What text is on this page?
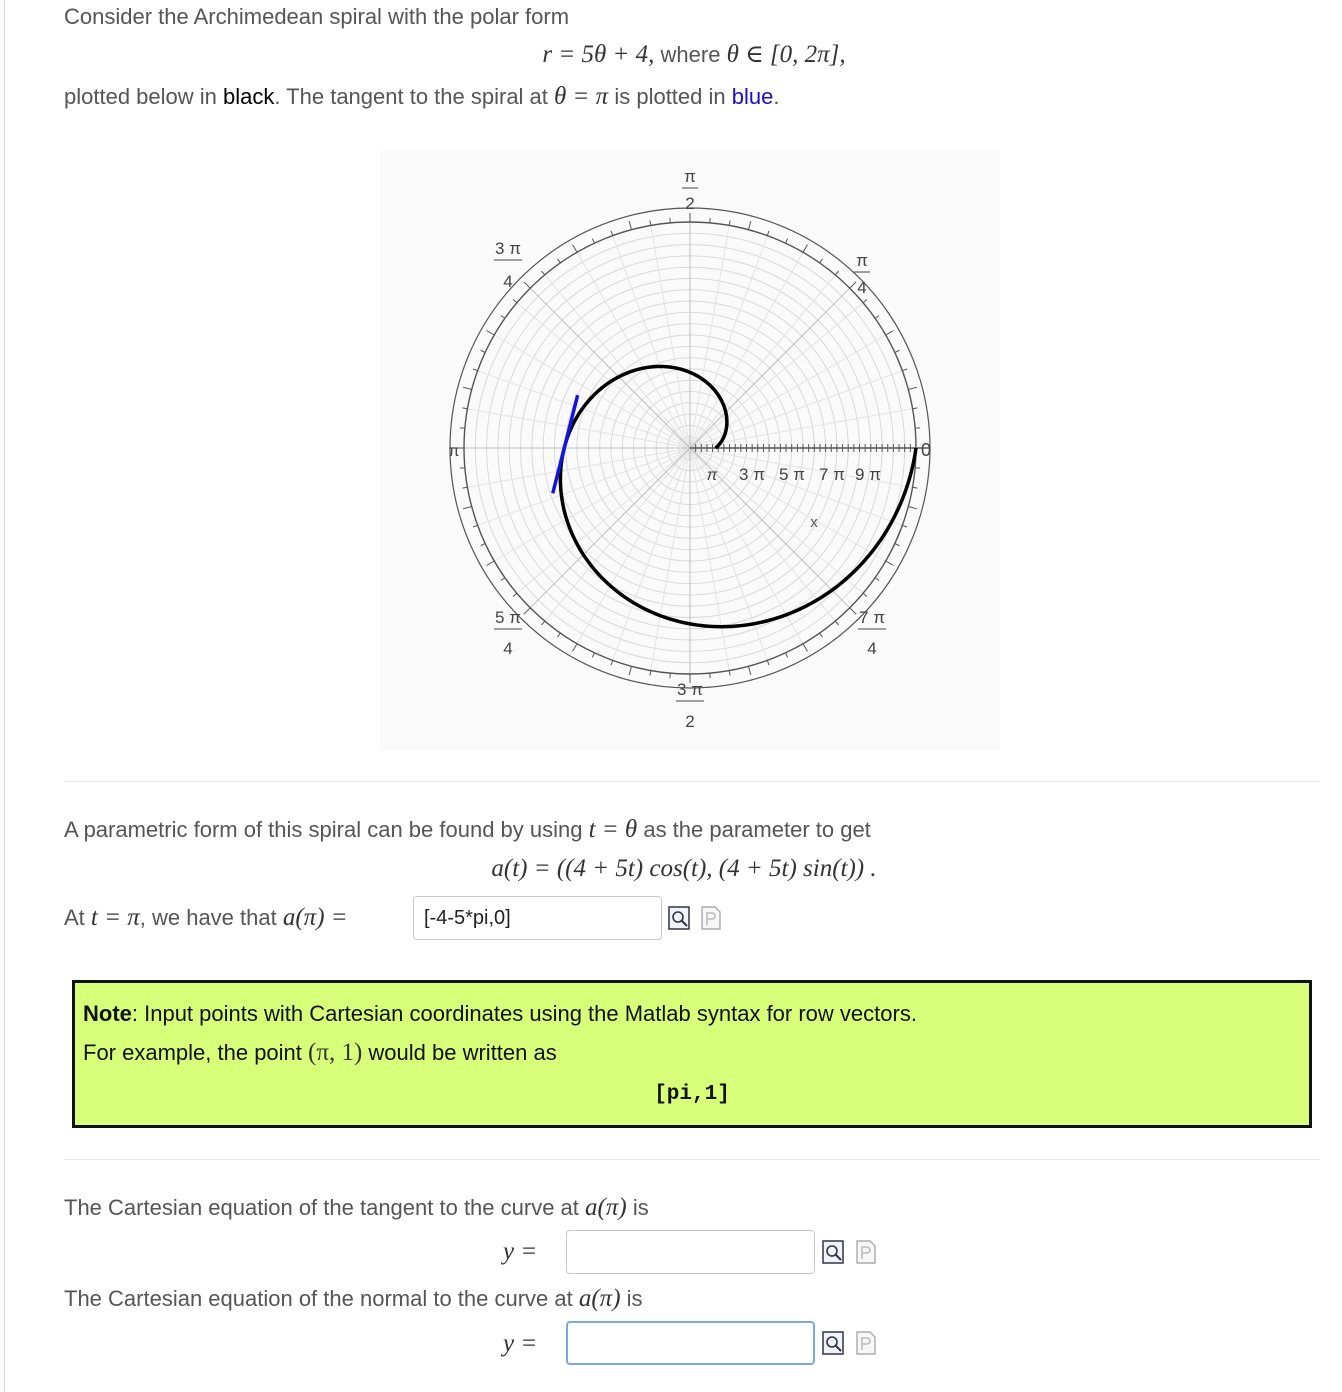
Consider the Archimedean spiral with the polar form

r = 5θ + 4, where θ ∈ [0, 2π],

plotted below in black. The tangent to the spiral at θ = π is plotted in blue.

π
2
π
4
3 π
4
π	0
5 π
4
7 π
4
3 π
2
π 3 π 5 π 7 π 9 π
x

A parametric form of this spiral can be found by using t = θ as the parameter to get

a(t) = ((4 + 5t) cos(t), (4 + 5t) sin(t)) .

At t = π, we have that a(π) =

[-4-5*pi,0]
Note: Input points with Cartesian coordinates using the Matlab syntax for row vectors.
For example, the point (π, 1) would be written as
[pi,1]

The Cartesian equation of the tangent to the curve at a(π) is

y =

The Cartesian equation of the normal to the curve at a(π) is

y =
